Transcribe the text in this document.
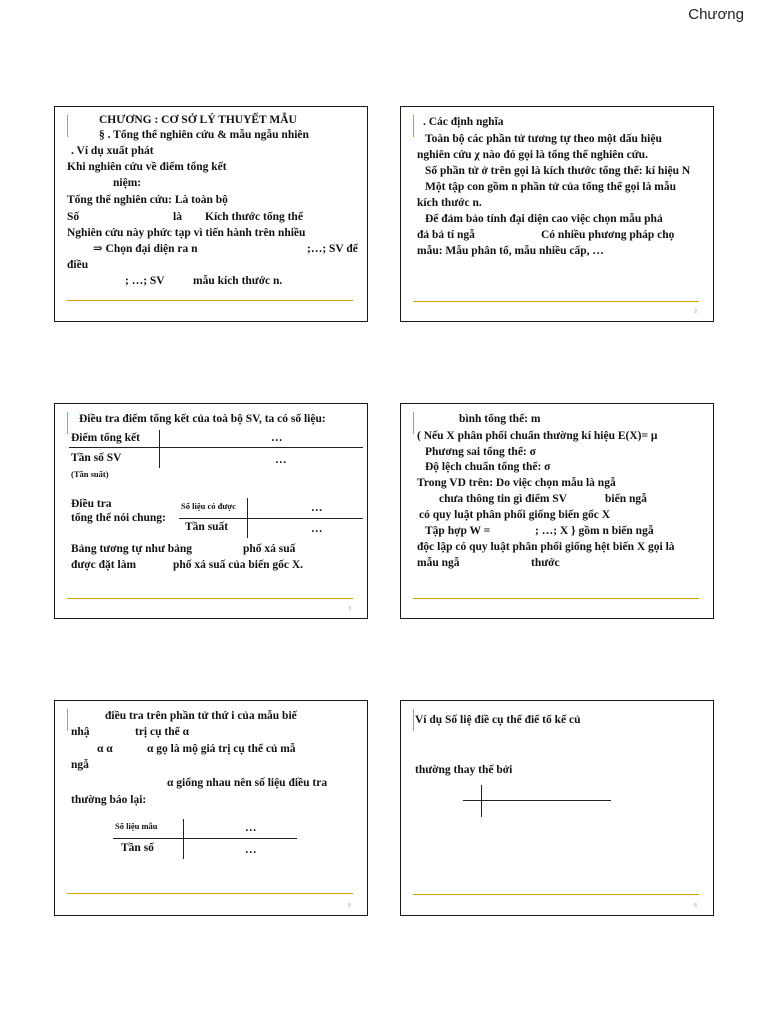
Chương
CHƯƠNG : CƠ SỞ LÝ THUYẾT MẪU
§ . Tổng thể nghiên cứu & mẫu ngẫu nhiên
. Ví dụ xuất phát
Khi nghiên cứu về điểm tổng kết
niệm:
Tổng thể nghiên cứu: Là toàn bộ
Số	là Kích thước tổng thể
Nghiên cứu này phức tạp vì tiến hành trên nhiều
⇒ Chọn đại diện ra n	;…; SV để
điều
; …; SV mẫu kích thước n.
. Các định nghĩa
Toàn bộ các phần tử tương tự theo một dấu hiệu
nghiên cứu χ nào đó gọi là tổng thể nghiên cứu.
Số phần tử ở trên gọi là kích thước tổng thể: kí hiệu N
Một tập con gồm n phần tử của tổng thể gọi là mẫu
kích thước n.
Để đảm bảo tính đại diện cao việc chọn mẫu phả
đả bả tí ngẫ	Có nhiều phương pháp chọ
mẫu: Mẫu phân tổ, mẫu nhiều cấp, …
2
Điều tra điểm tổng kết của toà bộ SV, ta có số liệu:
Điểm tổng kết	…
Tần số SV	…
(Tần suất)
Điều tra
tổng thể nói chung:
Số liệu có được	…
Tần suất	…
Bảng tương tự như bảng	phố xá suấ
được đặt làm	phố xá suấ của biến gốc X.
3
bình tổng thể: m
( Nếu X phân phối chuẩn thường kí hiệu E(X)= μ
Phương sai tổng thể: σ
Độ lệch chuẩn tổng thể: σ
Trong VD trên: Do việc chọn mẫu là ngẫ
chưa thông tin gì điểm SV	biến ngẫ
có quy luật phân phối giống biến gốc X
Tập hợp W =	; …; X } gồm n biến ngẫ
độc lập có quy luật phân phối giống hệt biến X gọi là
mẫu ngẫ	thước
điều tra trên phần tử thứ i của mẫu biế
nhậ	trị cụ thể α
α α	α gọ là mộ giá trị cụ thể củ mẫ
ngẫ
α giống nhau nên số liệu điều tra
thường báo lại:
Số liệu mẫu	…
Tần số	…
5
Ví dụ Số liệ điề cụ thể điể tổ kế củ
thường thay thế bởi
6
